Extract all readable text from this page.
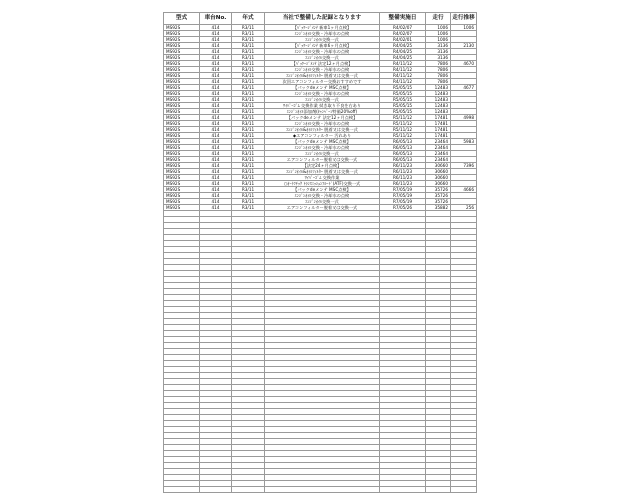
型式	車台No.	年式	当社で整備した記録となります	整備実施日	走行	走行推移
MS92S	414	R3/11	【ﾊﾟｯｹｰｼﾞﾒﾝﾃ 新車1ヶ月点検】	R4/02/07	1006	1006
MS92S	414	R3/11	ｴﾝｼﾞﾝｵｲﾙ交換・冷却水の点検	R4/02/07	1006	
MS92S	414	R3/11	ｴﾝｼﾞﾝｵｲﾙ交換一式	R4/02/01	1006	
MS92S	414	R3/11	【ﾊﾟｯｹｰｼﾞﾒﾝﾃ 新車6ヶ月点検】	R4/04/25	3136	2130
MS92S	414	R3/11	ｴﾝｼﾞﾝｵｲﾙ交換・冷却水の点検	R4/04/25	3136	
MS92S	414	R3/11	ｴﾝｼﾞﾝｵｲﾙ交換一式	R4/04/25	3136	
MS92S	414	R3/11	【ﾊﾟｯｹｰｼﾞﾒﾝﾃ 法定12ヶ月点検】	R4/11/12	7806	4670
MS92S	414	R3/11	ｴﾝｼﾞﾝｵｲﾙ交換・冷却水の点検	R4/11/12	7806	
MS92S	414	R3/11	ｴﾝｼﾞﾝｵｲﾙ&ｵｲﾙﾌｨﾙﾀｰ 脱着又は交換一式	R4/11/12	7806	
MS92S	414	R3/11	次回エアコンフィルター交換おすすめです	R4/11/12	7806	
MS92S	414	R3/11	【パックdeメンテ MSC点検】	R5/05/15	12483	4677
MS92S	414	R3/11	ｴﾝｼﾞﾝｵｲﾙ交換・冷却水の点検	R5/05/15	12483	
MS92S	414	R3/11	ｴﾝｼﾞﾝｵｲﾙ交換一式	R5/05/15	12483	
MS92S	414	R3/11	ﾜｲﾊﾟｰｺﾞﾑ 交換作業 拭き取り不良を右あり	R5/05/15	12483	
MS92S	414	R3/11	ｴﾝｼﾞﾝｵｲﾙ添加剤(ｷｬﾝﾍﾟｰﾝ特価20%off)	R5/05/15	12483	
MS92S	414	R3/11	【パックdeメンテ 法定12ヶ月点検】	R5/11/12	17481	4998
MS92S	414	R3/11	ｴﾝｼﾞﾝｵｲﾙ交換・冷却水の点検	R5/11/12	17481	
MS92S	414	R3/11	ｴﾝｼﾞﾝｵｲﾙ&ｵｲﾙﾌｨﾙﾀｰ 脱着又は交換一式	R5/11/12	17481	
MS92S	414	R3/11	◆エアコンフィルター 汚れあり	R5/11/12	17481	
MS92S	414	R3/11	【パックdeメンテ MSC点検】	R6/05/13	23464	5983
MS92S	414	R3/11	ｴﾝｼﾞﾝｵｲﾙ交換・冷却水の点検	R6/05/13	23464	
MS92S	414	R3/11	ｴﾝｼﾞﾝｵｲﾙ交換一式	R6/05/13	23464	
MS92S	414	R3/11	エアコンフィルター脱着又は交換一式	R6/05/13	23464	
MS92S	414	R3/11	【法定24ヶ月点検】	R6/11/23	30660	7396
MS92S	414	R3/11	ｴﾝｼﾞﾝｵｲﾙ&ｵｲﾙﾌｨﾙﾀｰ 脱着又は交換一式	R6/11/23	30660	
MS92S	414	R3/11	ﾜｲﾊﾟｰｺﾞﾑ 交換作業	R6/11/23	30660	
MS92S	414	R3/11	○ｵｰﾄﾏﾁｯｸ ﾄﾗﾝｽﾐｯｼｮﾝﾌﾙｰﾄﾞ(ATF)交換一式	R6/11/23	30660	
MS92S	414	R3/11	【パックdeメンテ MSC点検】	R7/05/19	35726	4666
MS92S	414	R3/11	ｴﾝｼﾞﾝｵｲﾙ交換・冷却水の点検	R7/05/19	35726	
MS92S	414	R3/11	ｴﾝｼﾞﾝｵｲﾙ交換一式	R7/05/19	35726	
MS92S	414	R3/11	エアコンフィルター脱着又は交換一式	R7/05/26	35882	256
